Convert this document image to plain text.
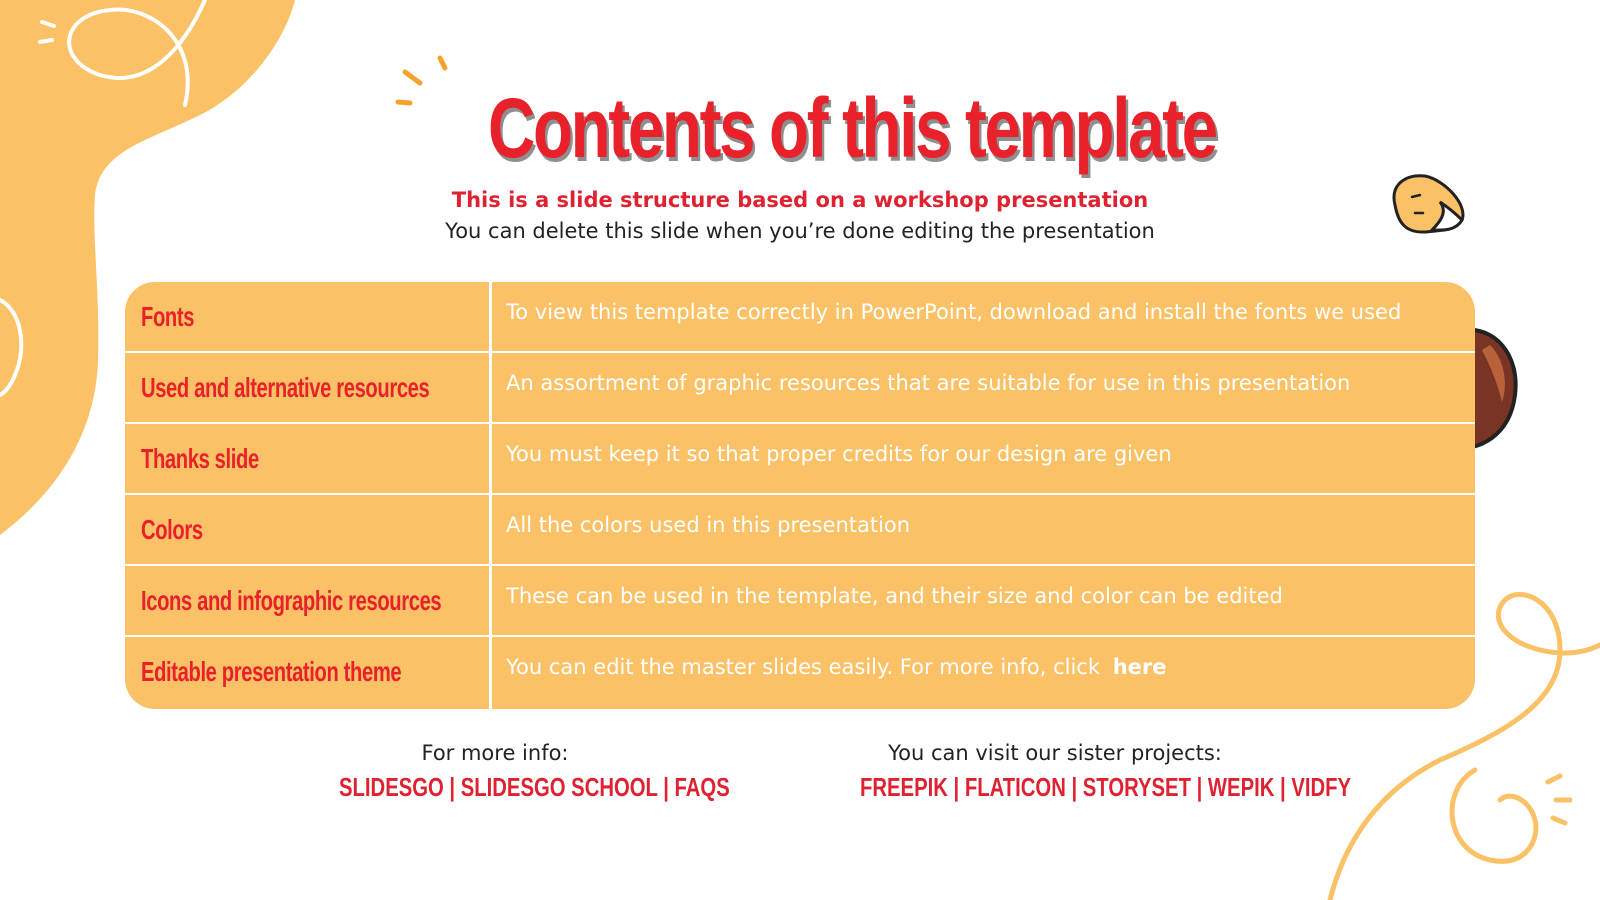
Contents of this template
This is a slide structure based on a workshop presentation
You can delete this slide when you’re done editing the presentation
Fonts	To view this template correctly in PowerPoint, download and install the fonts we used
Used and alternative resources	An assortment of graphic resources that are suitable for use in this presentation
Thanks slide	You must keep it so that proper credits for our design are given
Colors	All the colors used in this presentation
Icons and infographic resources	These can be used in the template, and their size and color can be edited
Editable presentation theme	You can edit the master slides easily. For more info, click here
For more info:
SLIDESGO | SLIDESGO SCHOOL | FAQS
You can visit our sister projects:
FREEPIK | FLATICON | STORYSET | WEPIK | VIDFY
